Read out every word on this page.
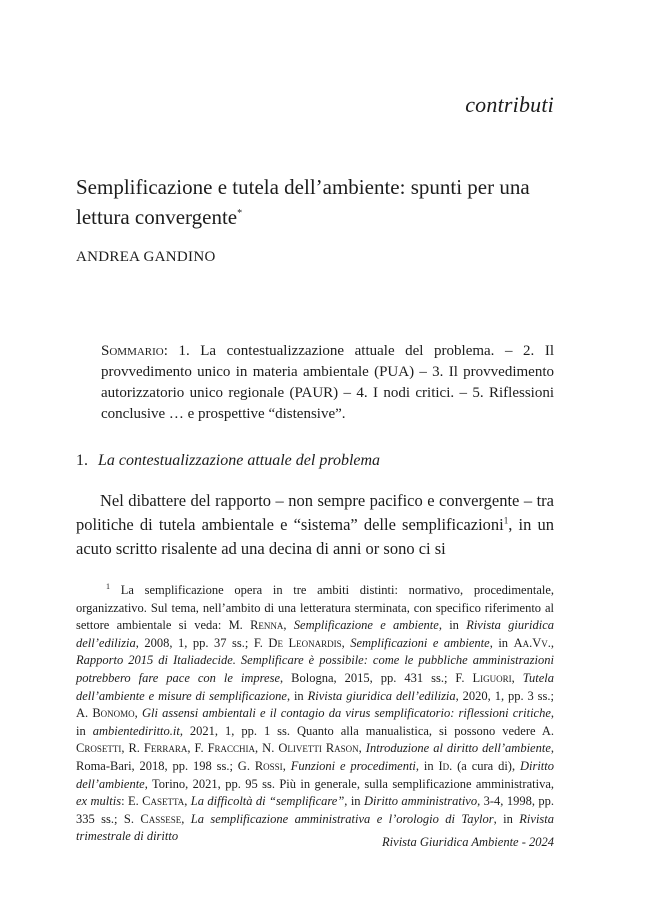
contributi
Semplificazione e tutela dell’ambiente: spunti per una lettura convergente*
ANDREA GANDINO

Sommario: 1. La contestualizzazione attuale del problema. – 2. Il provvedimento unico in materia ambientale (PUA) – 3. Il provvedimento autorizzatorio unico regionale (PAUR) – 4. I nodi critici. – 5. Riflessioni conclusive … e prospettive “distensive”.

1. La contestualizzazione attuale del problema

Nel dibattere del rapporto – non sempre pacifico e convergente – tra politiche di tutela ambientale e “sistema” delle semplificazioni$^1$, in un acuto scritto risalente ad una decina di anni or sono ci si

$^1$ La semplificazione opera in tre ambiti distinti: normativo, procedimentale, organizzativo. Sul tema, nell’ambito di una letteratura sterminata, con specifico riferimento al settore ambientale si veda: M. Renna, Semplificazione e ambiente, in Rivista giuridica dell’edilizia, 2008, 1, pp. 37 ss.; F. De Leonardis, Semplificazioni e ambiente, in Aa.Vv., Rapporto 2015 di Italiadecide. Semplificare è possibile: come le pubbliche amministrazioni potrebbero fare pace con le imprese, Bologna, 2015, pp. 431 ss.; F. Liguori, Tutela dell’ambiente e misure di semplificazione, in Rivista giuridica dell’edilizia, 2020, 1, pp. 3 ss.; A. Bonomo, Gli assensi ambientali e il contagio da virus semplificatorio: riflessioni critiche, in ambientediritto.it, 2021, 1, pp. 1 ss. Quanto alla manualistica, si possono vedere A. Crosetti, R. Ferrara, F. Fracchia, N. Olivetti Rason, Introduzione al diritto dell’ambiente, Roma-Bari, 2018, pp. 198 ss.; G. Rossi, Funzioni e procedimenti, in Id. (a cura di), Diritto dell’ambiente, Torino, 2021, pp. 95 ss. Più in generale, sulla semplificazione amministrativa, ex multis: E. Casetta, La difficoltà di “semplificare”, in Diritto amministrativo, 3-4, 1998, pp. 335 ss.; S. Cassese, La semplificazione amministrativa e l’orologio di Taylor, in Rivista trimestrale di diritto	Rivista Giuridica Ambiente - 2024
